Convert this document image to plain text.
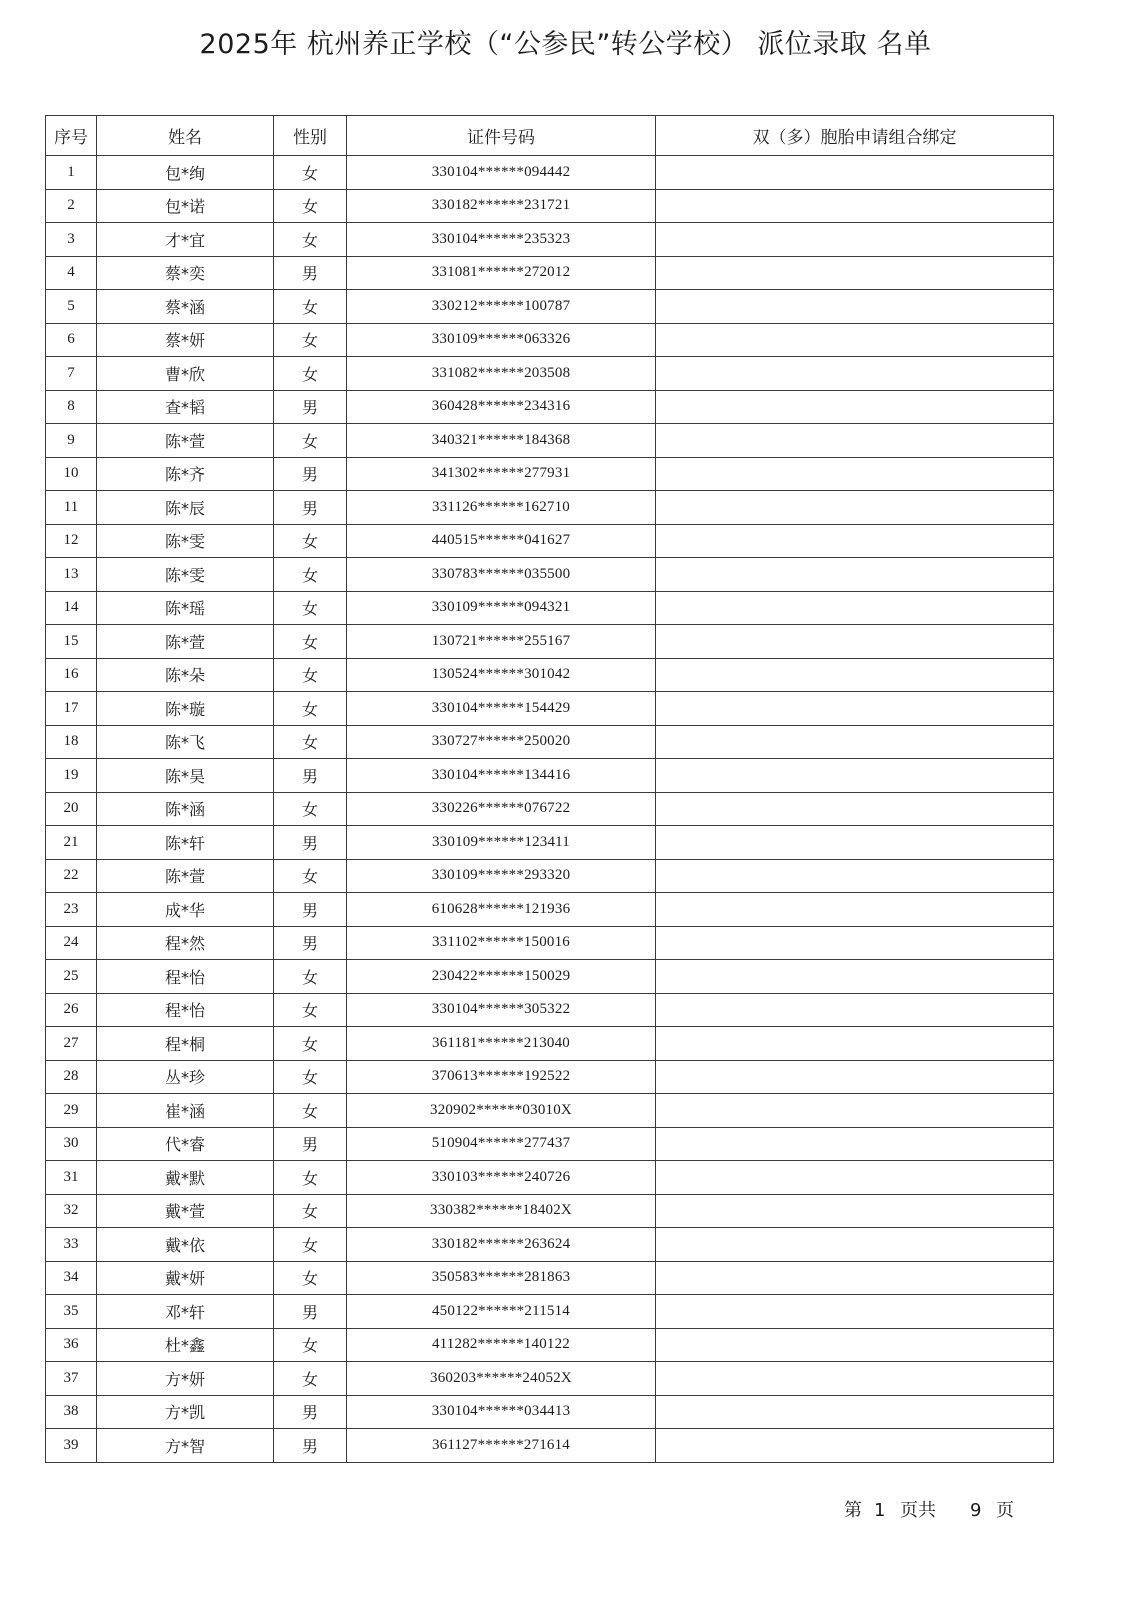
2025年 杭州养正学校（“公参民”转公学校） 派位录取 名单
序号	姓名	性别	证件号码	双（多）胞胎申请组合绑定
1	包*绚	女	330104******094442	
2	包*诺	女	330182******231721	
3	才*宜	女	330104******235323	
4	蔡*奕	男	331081******272012	
5	蔡*涵	女	330212******100787	
6	蔡*妍	女	330109******063326	
7	曹*欣	女	331082******203508	
8	查*韬	男	360428******234316	
9	陈*萱	女	340321******184368	
10	陈*齐	男	341302******277931	
11	陈*辰	男	331126******162710	
12	陈*雯	女	440515******041627	
13	陈*雯	女	330783******035500	
14	陈*瑶	女	330109******094321	
15	陈*萱	女	130721******255167	
16	陈*朵	女	130524******301042	
17	陈*璇	女	330104******154429	
18	陈*飞	女	330727******250020	
19	陈*昊	男	330104******134416	
20	陈*涵	女	330226******076722	
21	陈*轩	男	330109******123411	
22	陈*萱	女	330109******293320	
23	成*华	男	610628******121936	
24	程*然	男	331102******150016	
25	程*怡	女	230422******150029	
26	程*怡	女	330104******305322	
27	程*桐	女	361181******213040	
28	丛*珍	女	370613******192522	
29	崔*涵	女	320902******03010X	
30	代*睿	男	510904******277437	
31	戴*默	女	330103******240726	
32	戴*萱	女	330382******18402X	
33	戴*依	女	330182******263624	
34	戴*妍	女	350583******281863	
35	邓*轩	男	450122******211514	
36	杜*鑫	女	411282******140122	
37	方*妍	女	360203******24052X	
38	方*凯	男	330104******034413	
39	方*智	男	361127******271614	
第 1 页共 9 页
